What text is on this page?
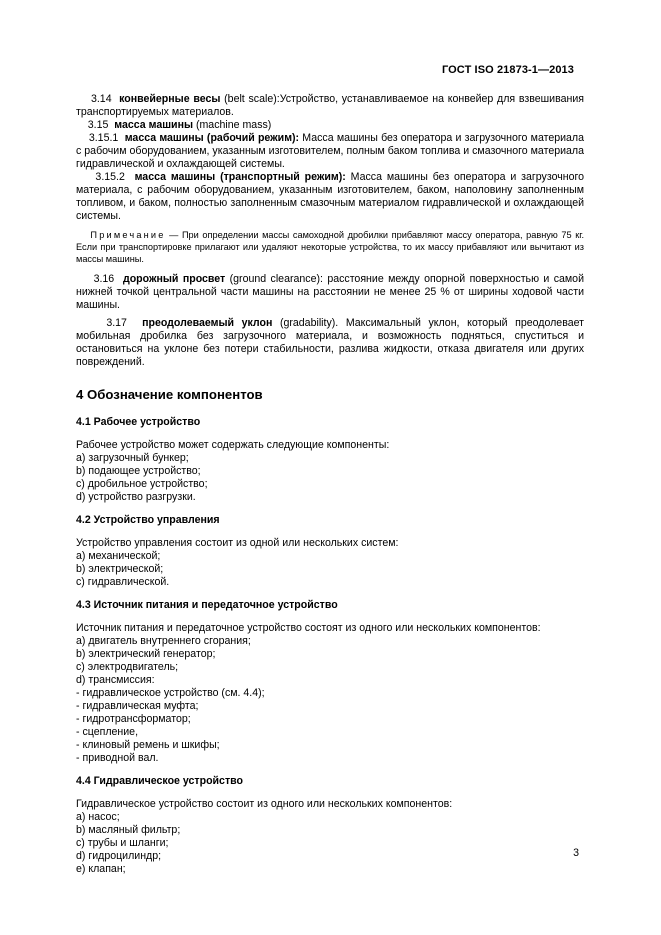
ГОСТ ISO 21873-1—2013

3.14 конвейерные весы (belt scale):Устройство, устанавливаемое на конвейер для взвешивания транспортируемых материалов.

3.15 масса машины (machine mass)

3.15.1 масса машины (рабочий режим): Масса машины без оператора и загрузочного материала с рабочим оборудованием, указанным изготовителем, полным баком топлива и смазочного материала гидравлической и охлаждающей системы.

3.15.2 масса машины (транспортный режим): Масса машины без оператора и загрузочного материала, с рабочим оборудованием, указанным изготовителем, баком, наполовину заполненным топливом, и баком, полностью заполненным смазочным материалом гидравлической и охлаждающей системы.

Примечание — При определении массы самоходной дробилки прибавляют массу оператора, равную 75 кг. Если при транспортировке прилагают или удаляют некоторые устройства, то их массу прибавляют или вычитают из массы машины.

3.16 дорожный просвет (ground clearance): расстояние между опорной поверхностью и самой нижней точкой центральной части машины на расстоянии не менее 25 % от ширины ходовой части машины.

3.17 преодолеваемый уклон (gradability). Максимальный уклон, который преодолевает мобильная дробилка без загрузочного материала, и возможность подняться, спуститься и остановиться на уклоне без потери стабильности, разлива жидкости, отказа двигателя или других повреждений.

4 Обозначение компонентов
4.1 Рабочее устройство

Рабочее устройство может содержать следующие компоненты:

a) загрузочный бункер;
b) подающее устройство;
c) дробильное устройство;
d) устройство разгрузки.
4.2 Устройство управления

Устройство управления состоит из одной или нескольких систем:

a) механической;
b) электрической;
c) гидравлической.
4.3 Источник питания и передаточное устройство

Источник питания и передаточное устройство состоят из одного или нескольких компонентов:

a) двигатель внутреннего сгорания;
b) электрический генератор;
c) электродвигатель;
d) трансмиссия:
- гидравлическое устройство (см. 4.4);
- гидравлическая муфта;
- гидротрансформатор;
- сцепление,
- клиновый ремень и шкифы;
- приводной вал.
4.4 Гидравлическое устройство

Гидравлическое устройство состоит из одного или нескольких компонентов:

a) насос;
b) масляный фильтр;
c) трубы и шланги;
d) гидроцилиндр;
e) клапан;
3
